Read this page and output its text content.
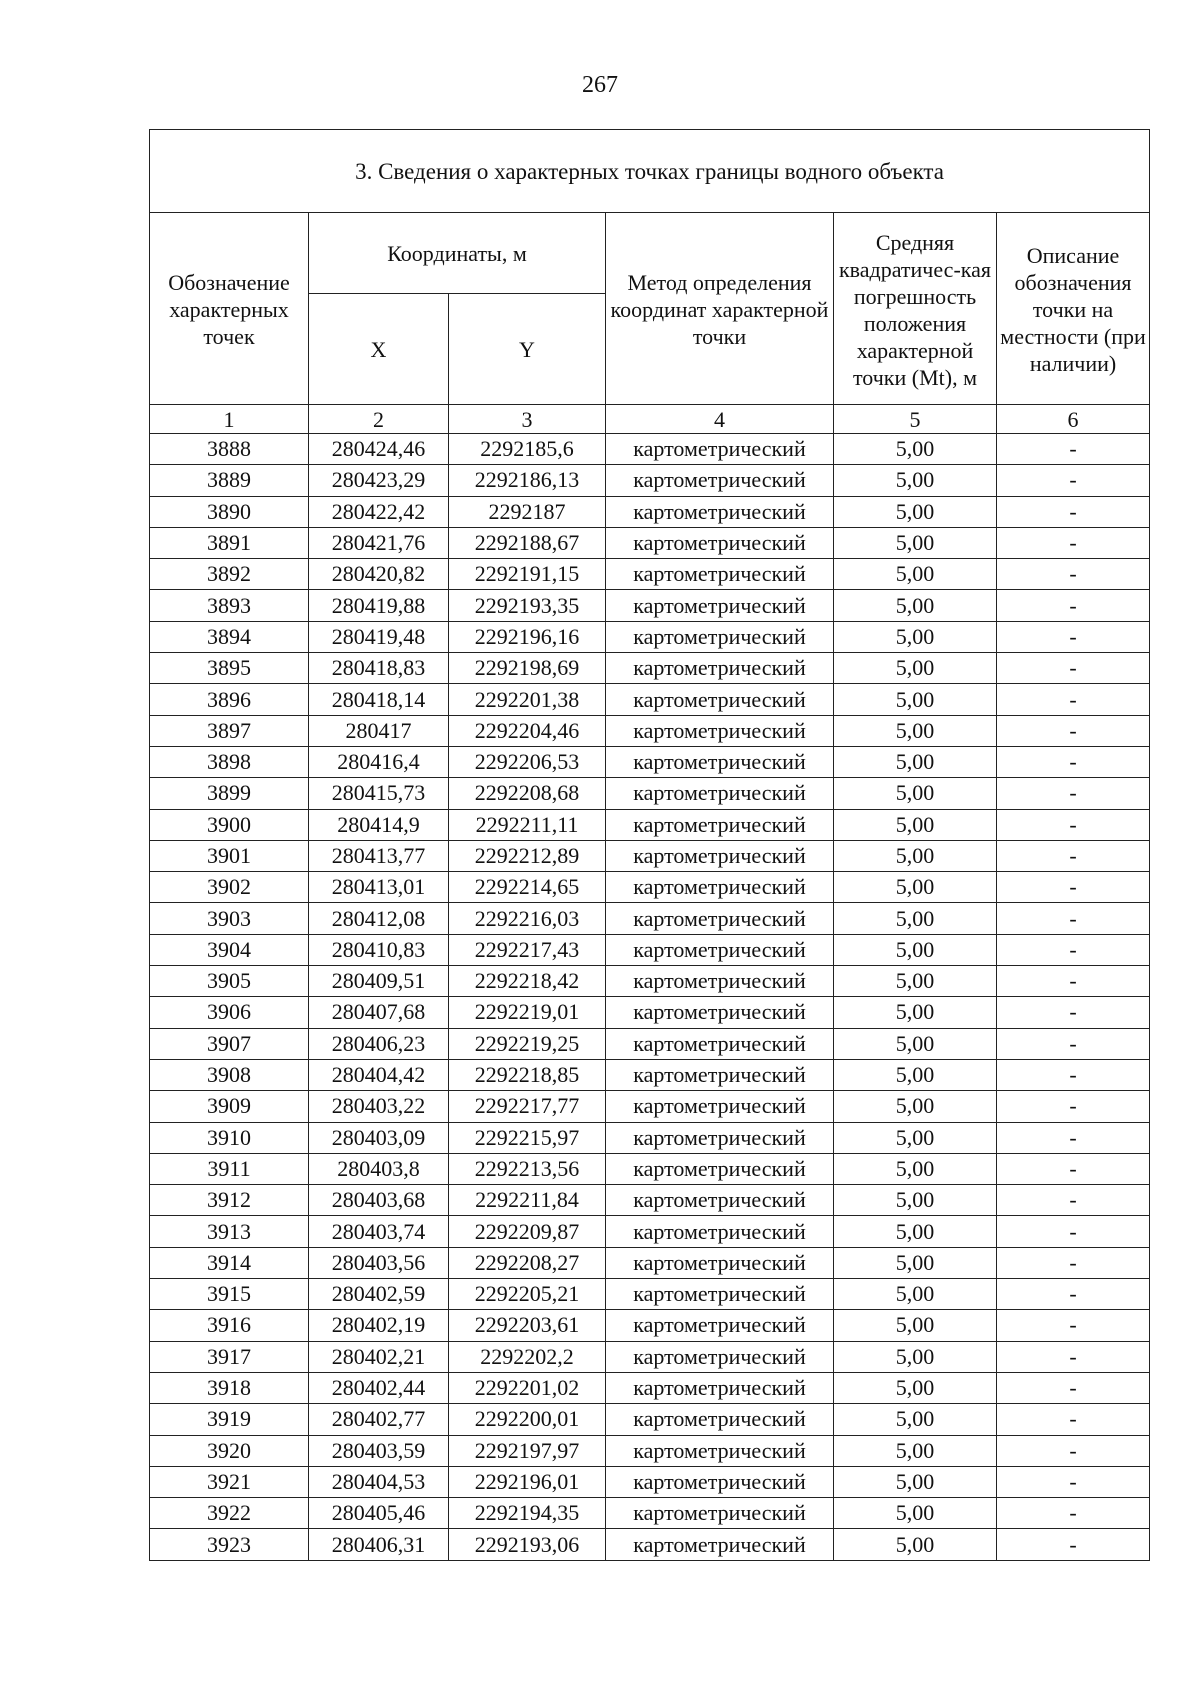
267
3. Сведения о характерных точках границы водного объекта					
Обозначение характерных точек	Координаты, м		Метод определения координат характерной точки	Средняя квадратичес-кая погрешность положения характерной точки (Mt), м	Описание обозначения точки на местности (при наличии)
	X	Y			
1	2	3	4	5	6
3888	280424,46	2292185,6	картометрический	5,00	-
3889	280423,29	2292186,13	картометрический	5,00	-
3890	280422,42	2292187	картометрический	5,00	-
3891	280421,76	2292188,67	картометрический	5,00	-
3892	280420,82	2292191,15	картометрический	5,00	-
3893	280419,88	2292193,35	картометрический	5,00	-
3894	280419,48	2292196,16	картометрический	5,00	-
3895	280418,83	2292198,69	картометрический	5,00	-
3896	280418,14	2292201,38	картометрический	5,00	-
3897	280417	2292204,46	картометрический	5,00	-
3898	280416,4	2292206,53	картометрический	5,00	-
3899	280415,73	2292208,68	картометрический	5,00	-
3900	280414,9	2292211,11	картометрический	5,00	-
3901	280413,77	2292212,89	картометрический	5,00	-
3902	280413,01	2292214,65	картометрический	5,00	-
3903	280412,08	2292216,03	картометрический	5,00	-
3904	280410,83	2292217,43	картометрический	5,00	-
3905	280409,51	2292218,42	картометрический	5,00	-
3906	280407,68	2292219,01	картометрический	5,00	-
3907	280406,23	2292219,25	картометрический	5,00	-
3908	280404,42	2292218,85	картометрический	5,00	-
3909	280403,22	2292217,77	картометрический	5,00	-
3910	280403,09	2292215,97	картометрический	5,00	-
3911	280403,8	2292213,56	картометрический	5,00	-
3912	280403,68	2292211,84	картометрический	5,00	-
3913	280403,74	2292209,87	картометрический	5,00	-
3914	280403,56	2292208,27	картометрический	5,00	-
3915	280402,59	2292205,21	картометрический	5,00	-
3916	280402,19	2292203,61	картометрический	5,00	-
3917	280402,21	2292202,2	картометрический	5,00	-
3918	280402,44	2292201,02	картометрический	5,00	-
3919	280402,77	2292200,01	картометрический	5,00	-
3920	280403,59	2292197,97	картометрический	5,00	-
3921	280404,53	2292196,01	картометрический	5,00	-
3922	280405,46	2292194,35	картометрический	5,00	-
3923	280406,31	2292193,06	картометрический	5,00	-
